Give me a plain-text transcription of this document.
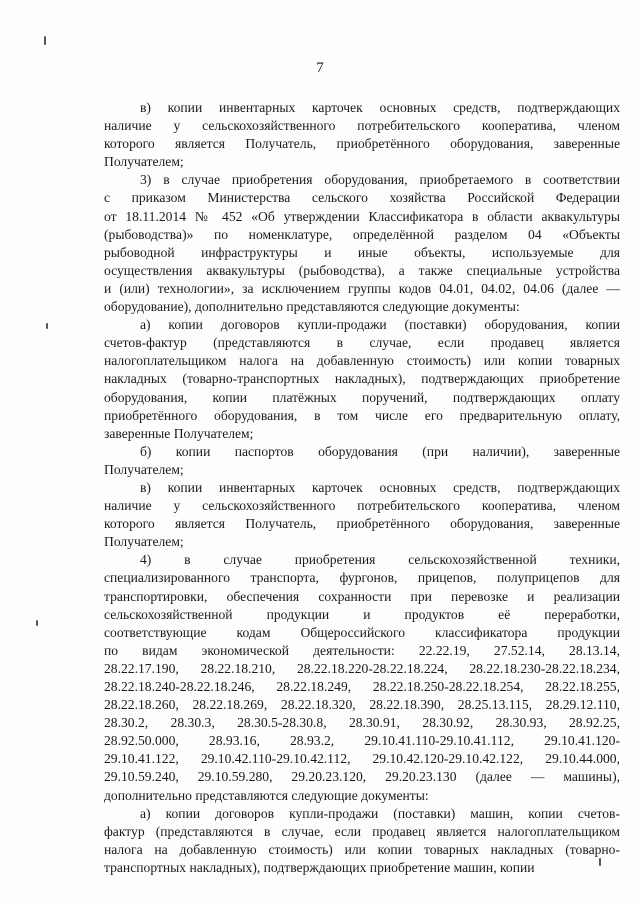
7
в) копии инвентарных карточек основных средств, подтверждающих
наличие у сельскохозяйственного потребительского кооператива, членом
которого является Получатель, приобретённого оборудования, заверенные
Получателем;
3) в случае приобретения оборудования, приобретаемого в соответствии
с приказом Министерства сельского хозяйства Российской Федерации
от 18.11.2014 № 452 «Об утверждении Классификатора в области аквакультуры
(рыбоводства)» по номенклатуре, определённой разделом 04 «Объекты
рыбоводной инфраструктуры и иные объекты, используемые для
осуществления аквакультуры (рыбоводства), а также специальные устройства
и (или) технологии», за исключением группы кодов 04.01, 04.02, 04.06 (далее —
оборудование), дополнительно представляются следующие документы:
а) копии договоров купли-продажи (поставки) оборудования, копии
счетов-фактур (представляются в случае, если продавец является
налогоплательщиком налога на добавленную стоимость) или копии товарных
накладных (товарно-транспортных накладных), подтверждающих приобретение
оборудования, копии платёжных поручений, подтверждающих оплату
приобретённого оборудования, в том числе его предварительную оплату,
заверенные Получателем;
б) копии паспортов оборудования (при наличии), заверенные
Получателем;
в) копии инвентарных карточек основных средств, подтверждающих
наличие у сельскохозяйственного потребительского кооператива, членом
которого является Получатель, приобретённого оборудования, заверенные
Получателем;
4) в случае приобретения сельскохозяйственной техники,
специализированного транспорта, фургонов, прицепов, полуприцепов для
транспортировки, обеспечения сохранности при перевозке и реализации
сельскохозяйственной продукции и продуктов её переработки,
соответствующие кодам Общероссийского классификатора продукции
по видам экономической деятельности: 22.22.19, 27.52.14, 28.13.14,
28.22.17.190, 28.22.18.210, 28.22.18.220-28.22.18.224, 28.22.18.230-28.22.18.234,
28.22.18.240-28.22.18.246, 28.22.18.249, 28.22.18.250-28.22.18.254, 28.22.18.255,
28.22.18.260, 28.22.18.269, 28.22.18.320, 28.22.18.390, 28.25.13.115, 28.29.12.110,
28.30.2, 28.30.3, 28.30.5-28.30.8, 28.30.91, 28.30.92, 28.30.93, 28.92.25,
28.92.50.000, 28.93.16, 28.93.2, 29.10.41.110-29.10.41.112, 29.10.41.120-
29.10.41.122, 29.10.42.110-29.10.42.112, 29.10.42.120-29.10.42.122, 29.10.44.000,
29.10.59.240, 29.10.59.280, 29.20.23.120, 29.20.23.130 (далее — машины),
дополнительно представляются следующие документы:
а) копии договоров купли-продажи (поставки) машин, копии счетов-
фактур (представляются в случае, если продавец является налогоплательщиком
налога на добавленную стоимость) или копии товарных накладных (товарно-
транспортных накладных), подтверждающих приобретение машин, копии
